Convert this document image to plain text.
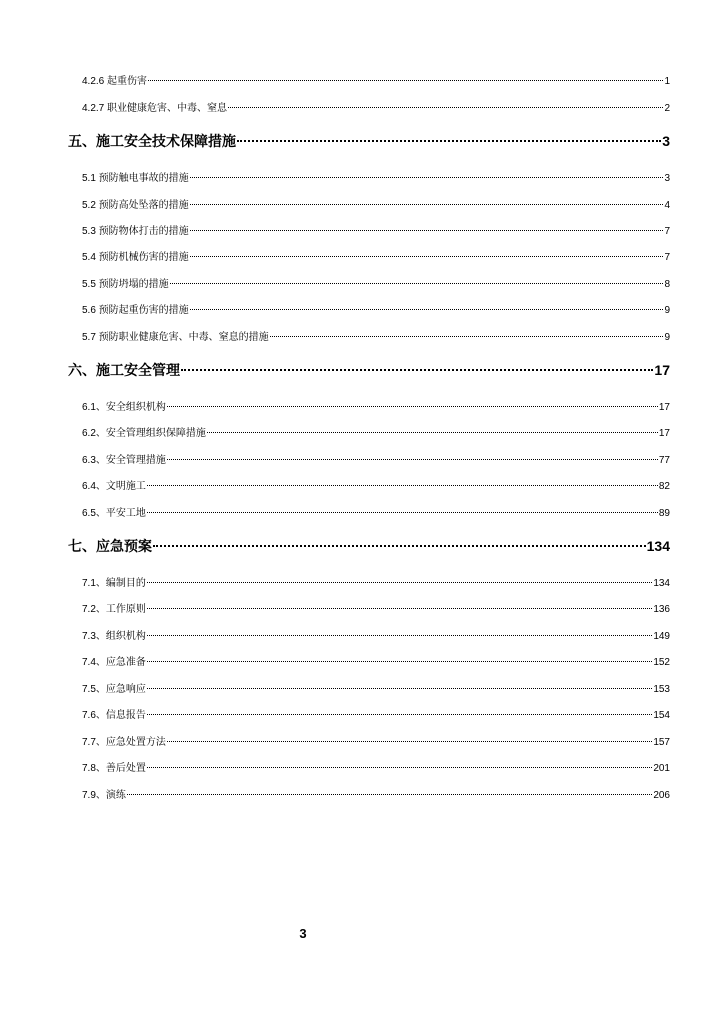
4.2.6 起重伤害	1
4.2.7 职业健康危害、中毒、窒息	2
五、施工安全技术保障措施	3
5.1 预防触电事故的措施	3
5.2 预防高处坠落的措施	4
5.3 预防物体打击的措施	7
5.4 预防机械伤害的措施	7
5.5 预防坍塌的措施	8
5.6 预防起重伤害的措施	9
5.7 预防职业健康危害、中毒、窒息的措施	9
六、施工安全管理	17
6.1、安全组织机构	17
6.2、安全管理组织保障措施	17
6.3、安全管理措施	77
6.4、文明施工	82
6.5、平安工地	89
七、应急预案	134
7.1、编制目的	134
7.2、工作原则	136
7.3、组织机构	149
7.4、应急准备	152
7.5、应急响应	153
7.6、信息报告	154
7.7、应急处置方法	157
7.8、善后处置	201
7.9、演练	206
3
